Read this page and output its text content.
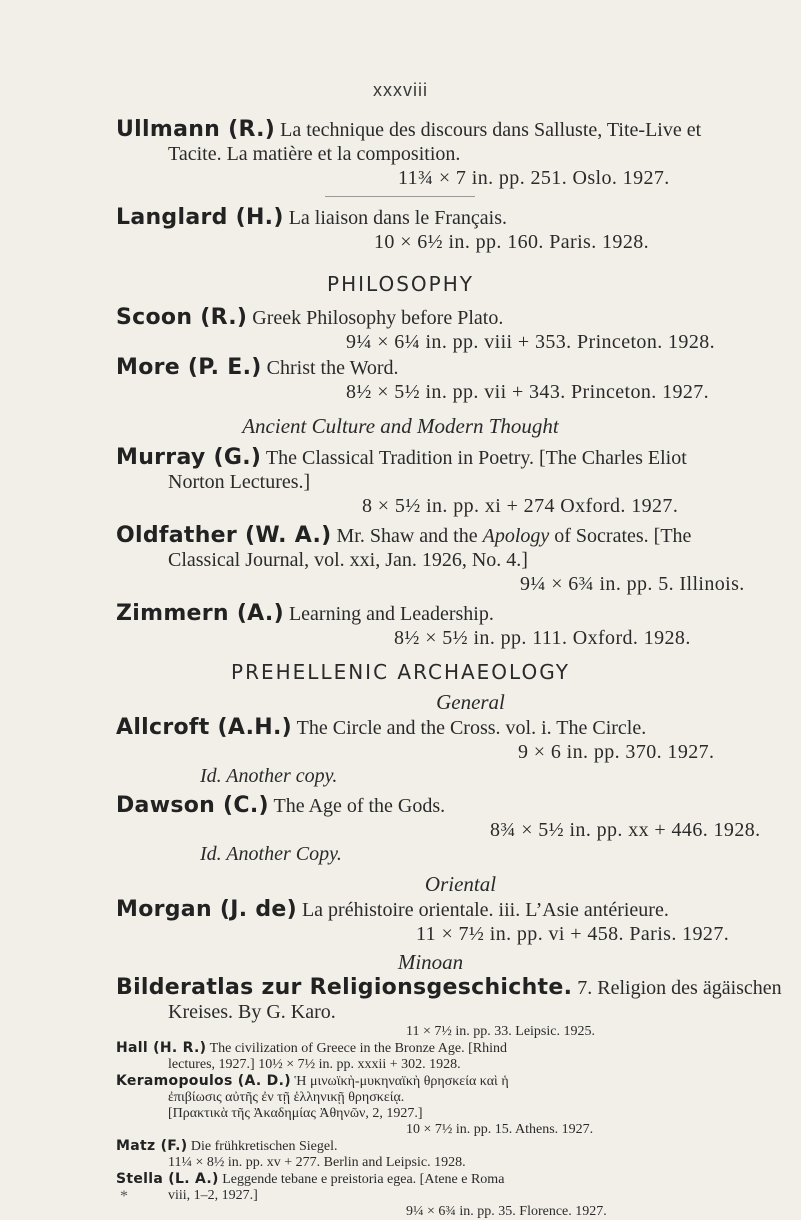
xxxviii
Ullmann (R.) La technique des discours dans Salluste, Tite-Live et
Tacite. La matière et la composition.
11¾ × 7 in. pp. 251. Oslo. 1927.
Langlard (H.) La liaison dans le Français.
10 × 6½ in. pp. 160. Paris. 1928.
PHILOSOPHY
Scoon (R.) Greek Philosophy before Plato.
9¼ × 6¼ in. pp. viii + 353. Princeton. 1928.
More (P. E.) Christ the Word.
8½ × 5½ in. pp. vii + 343. Princeton. 1927.
Ancient Culture and Modern Thought
Murray (G.) The Classical Tradition in Poetry. [The Charles Eliot
Norton Lectures.]
8 × 5½ in. pp. xi + 274 Oxford. 1927.
Oldfather (W. A.) Mr. Shaw and the Apology of Socrates. [The
Classical Journal, vol. xxi, Jan. 1926, No. 4.]
9¼ × 6¾ in. pp. 5. Illinois.
Zimmern (A.) Learning and Leadership.
8½ × 5½ in. pp. 111. Oxford. 1928.
PREHELLENIC ARCHAEOLOGY
General
Allcroft (A.H.) The Circle and the Cross. vol. i. The Circle.
9 × 6 in. pp. 370. 1927.
Id. Another copy.
Dawson (C.) The Age of the Gods.
8¾ × 5½ in. pp. xx + 446. 1928.
Id. Another Copy.
Oriental
Morgan (J. de) La préhistoire orientale. iii. L’Asie antérieure.
11 × 7½ in. pp. vi + 458. Paris. 1927.
Minoan
Bilderatlas zur Religionsgeschichte. 7. Religion des ägäischen
Kreises. By G. Karo.
*
11 × 7½ in. pp. 33. Leipsic. 1925.
Hall (H. R.) The civilization of Greece in the Bronze Age. [Rhind
lectures, 1927.] 10½ × 7½ in. pp. xxxii + 302. 1928.
Keramopoulos (A. D.) Ἡ μινωϊκὴ-μυκηναϊκὴ θρησκεία καὶ ἡ
ἐπιβίωσις αὐτῆς ἐν τῇ ἑλληνικῇ θρησκείᾳ.
[Πρακτικὰ τῆς Ἀκαδημίας Ἀθηνῶν, 2, 1927.]
10 × 7½ in. pp. 15. Athens. 1927.
Matz (F.) Die frühkretischen Siegel.
11¼ × 8½ in. pp. xv + 277. Berlin and Leipsic. 1928.
Stella (L. A.) Leggende tebane e preistoria egea. [Atene e Roma
viii, 1–2, 1927.]
9¼ × 6¾ in. pp. 35. Florence. 1927.
